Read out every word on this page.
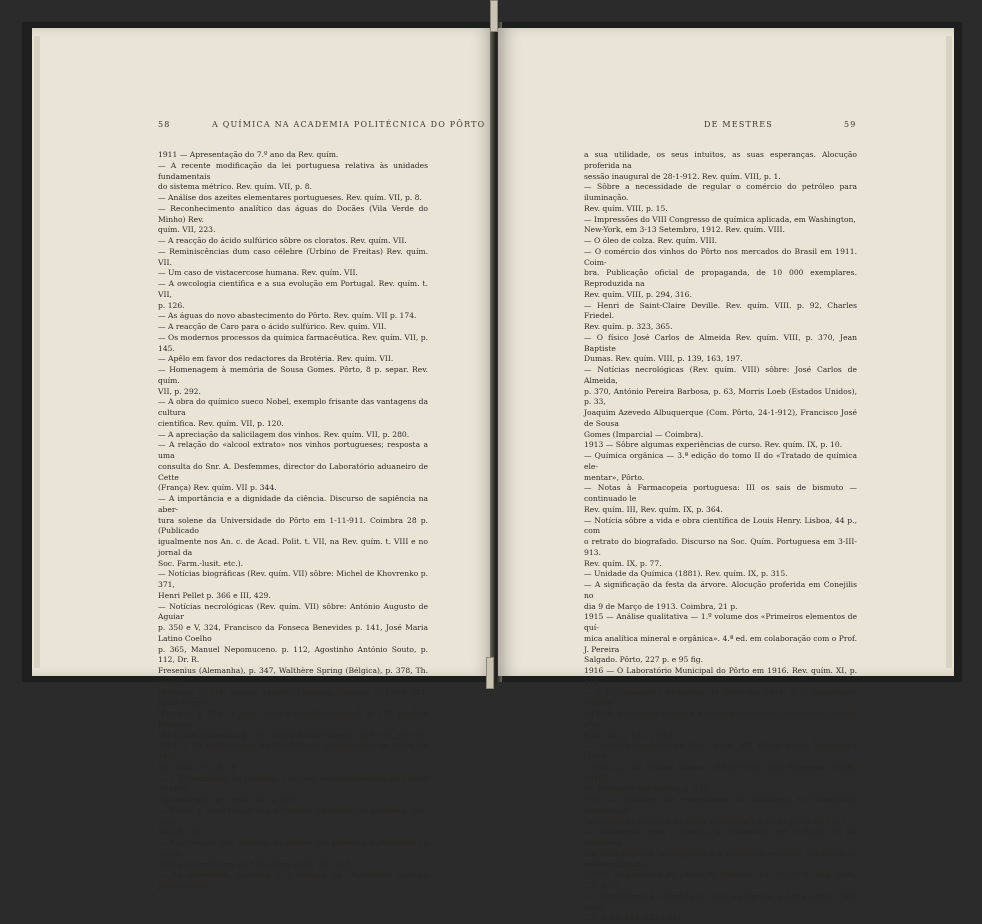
58	A QUÍMICA NA ACADEMIA POLITÉCNICA DO PÔRTO

1911 — Apresentação do 7.º ano da Rev. quím.

— A recente modificação da lei portuguesa relativa às unidades fundamentais

do sistema métrico. Rev. quím. VII, p. 8.

— Análise dos azeites elementares portugueses. Rev. quím. VII, p. 8.

— Reconhecimento analítico das águas do Docães (Vila Verde do Minho) Rev.

quím. VII, 223.

— A reacção do ácido sulfúrico sôbre os cloratos. Rev. quím. VII.

— Reminiscências dum caso célebre (Urbino de Freitas) Rev. quím. VII.

— Um caso de vistacercose humana. Rev. quím. VII.

— A owcologia científica e a sua evolução em Portugal. Rev. quím. t. VII,

p. 126.

— As águas do novo abastecimento do Pôrto. Rev. quím. VII p. 174.

— A reacção de Caro para o ácido sulfúrico. Rev. quím. VII.

— Os modernos processos da química farmacêutica. Rev. quím. VII, p. 145.

— Apêlo em favor dos redactores da Brotéria. Rev. quím. VII.

— Homenagem à memória de Sousa Gomes. Pôrto, 8 p. separ. Rev. quím.

VII, p. 292.

— A obra do químico sueco Nobel, exemplo frisante das vantagens da cultura

científica. Rev. quím. VII, p. 120.

— A apreciação da salicilagem dos vinhos. Rev. quím. VII, p. 280.

— A relação do «alcool extrato» nos vinhos portugueses; resposta a uma

consulta do Snr. A. Desfemmes, director do Laboratório aduaneiro de Cette

(França) Rev. quím. VII p. 344.

— A importância e a dignidade da ciência. Discurso de sapiência na aber-

tura solene da Universidade do Pôrto em 1-11-911. Coimbra 28 p. (Publicado

igualmente nos An. c. de Acad. Polit. t. VII, na Rev. quím. t. VIII e no jornal da

Soc. Farm.-lusit. etc.).

— Notícias biográficas (Rev. quím. VII) sôbre: Michel de Khovrenko p. 371,

Henri Pellet p. 366 e III, 429.

— Notícias necrológicas (Rev. quím. VII) sôbre: António Augusto de Aguiar

p. 350 e V, 324, Francisco da Fonseca Benevides p. 141, José Maria Latino Coelho

p. 365, Manuel Nepomuceno. p. 112, Agostinho António Souto, p. 112, Dr. R.

Fresenius (Alemanha), p. 347, Walthère Spring (Bélgica), p. 378, Th. Swarts

(Bélgica), p. 378, Antoine Laurent Lavoisier (França), p. 139 e 224, Louis Troost

(França), p. 379, D. Juan Fagés y Vergili (Espanha), p. 377, Jacobus Henricus

Van't Hoff (Holanda), p. 110, Alfred Nobel (Suécia), 120 e III, 35 e 76.

1912 — As deliberações da Conferência internacional de Paris, de 1912.

Rev. quím. VII, p. 20.

— A Universidade de Coimbra e os seus estabelecimentos de ensino de ciên-

cias naturais. Rev. quím. VII, p. 261.

— Sôbre a constituição dos derivados metálicos do acetileno. Rev. quím.

VIII, p. 103.

— A unificação dos métodos de análise dos produtos alimentares na confe-

rência internacional de 1910. Rev. quím. VIII, p. 37.

— As sociedades químicas e a criação da «Sociedade química portuguesa»;

DE MESTRES	59

a sua utilidade, os seus intuitos, as suas esperanças. Alocução proferida na

sessão inaugural de 28-1-912. Rev. quím. VIII, p. 1.

— Sôbre a necessidade de regular o comércio do petróleo para iluminação.

Rev. quím. VIII, p. 15.

— Impressões do VIII Congresso de química aplicada, em Washington,

New-York, em 3-13 Setembro, 1912. Rev. quím. VIII.

— O óleo de colza. Rev. quím. VIII.

— O comércio dos vinhos do Pôrto nos mercados do Brasil em 1911. Coim-

bra. Publicação oficial de propaganda, de 10 000 exemplares. Reproduzida na

Rev. quím. VIII, p. 294, 316.

— Henri de Saint-Claire Deville. Rev. quím. VIII. p. 92, Charles Friedel.

Rev. quím. p. 323, 365.

— O físico José Carlos de Almeida Rev. quím. VIII, p. 370, Jean Baptiste

Dumas. Rev. quím. VIII, p. 139, 163, 197.

— Notícias necrológicas (Rev. quím. VIII) sôbre: José Carlos de Almeida,

p. 370, António Pereira Barbosa, p. 63, Morris Loeb (Estados Unidos), p. 33,

Joaquim Azevedo Albuquerque (Com. Pôrto, 24-1-912), Francisco José de Sousa

Gomes (Imparcial — Coimbra).

1913 — Sôbre algumas experiências de curso. Rev. quím. IX, p. 10.

— Química orgânica — 3.ª edição do tomo II do «Tratado de química ele-

mentar», Pôrto.

— Notas à Farmacopeia portuguesa: III os sais de bismuto — continuado le

Rev. quím. III, Rev. quím. IX, p. 364.

— Notícia sôbre a vida e obra científica de Louis Henry. Lisboa, 44 p., com

o retrato do biografado. Discurso na Soc. Quím. Portuguesa em 3-III-913.

Rev. quím. IX, p. 77.

— Unidade da Química (1881). Rev. quím. IX, p. 315.

— A significação da festa da árvore. Alocução proferida em Conejilis no

dia 9 de Março de 1913. Coimbra, 21 p.

1915 — Análise qualitativa — 1.º volume dos «Primeiros elementos de quí-

mica analítica mineral e orgânica». 4.ª ed. em colaboração com o Prof. J. Pereira

Salgado. Pôrto, 227 p. e 95 fig.

1916 — O Laboratório Municipal do Pôrto em 1916. Rev. quím. XI, p. 219.

— 1 O Laboratório Municipal do Pôrto em 1916, II O Laboratório Médico

do Prof. Alberto de Aguiar e a Revista Scientífica Laboratorial. Separ. (Rev

quím. XI, p. 237, 29 p.).

— Notícias necrológicas (Rev. quím. XI) sôbre: Emile Jungfleisch (1838-

-1916), p. 240, Willian Ramsay (1852-1916), José Echegaray (1836-1916),

Dr. Fernando dos Santos, p. 332.

1917 — Catálogo das miscelâneas da Biblioteca do Laboratório Químico da

Faculdade de Ciências do Pôrto, existentes em 30 de Junho de 1917.

— Documentos para a história da Toxicologia em Portugal: III Da influência

dos ptomaínas na investigação dos alcalóides vegetais, nos casos de envenenamento

(1892). Depoimento do perito no Tribunal, em 27-1-923. Rev. quím. XII, p. III

— Homenagem à memória de José de Parada e Silva Leitão. Rev. quím.

XII, p. 62, 194, 232 e 281.
